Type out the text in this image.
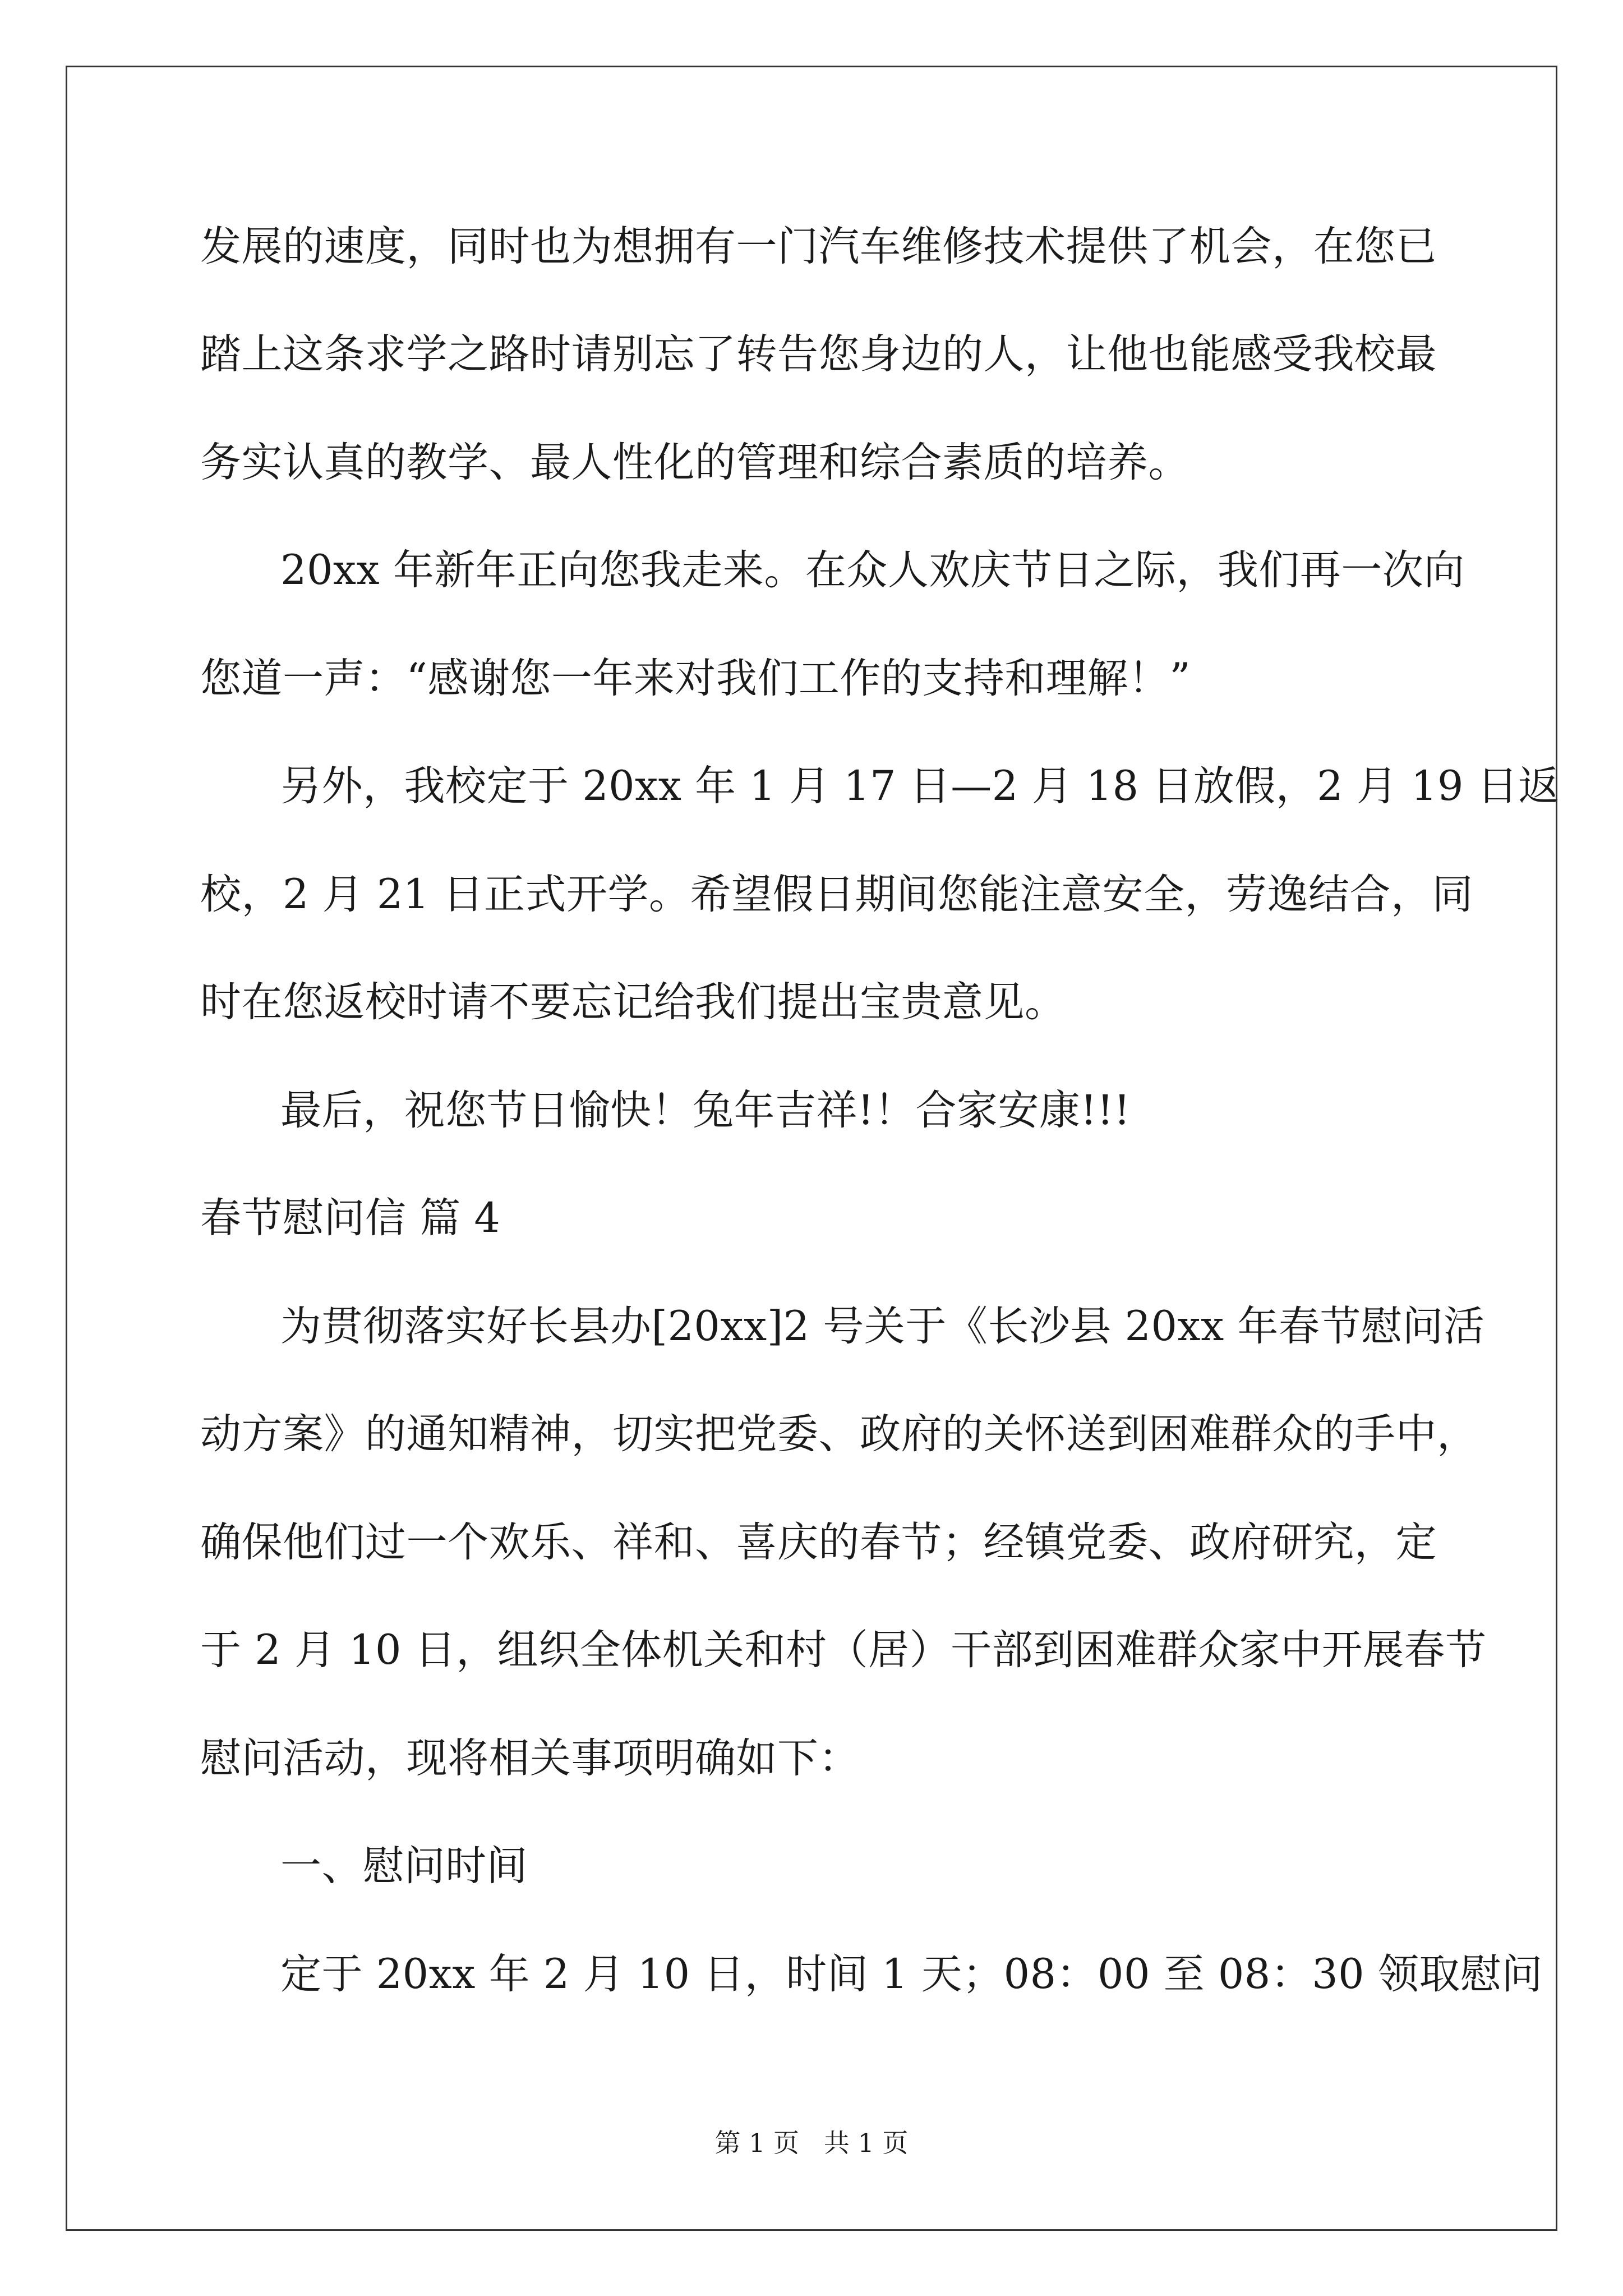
发展的速度，同时也为想拥有一门汽车维修技术提供了机会，在您已
踏上这条求学之路时请别忘了转告您身边的人，让他也能感受我校最
务实认真的教学、最人性化的管理和综合素质的培养。
20xx 年新年正向您我走来。在众人欢庆节日之际，我们再一次向
您道一声：“感谢您一年来对我们工作的支持和理解！”
另外，我校定于 20xx 年 1 月 17 日—2 月 18 日放假，2 月 19 日返
校，2 月 21 日正式开学。希望假日期间您能注意安全，劳逸结合，同
时在您返校时请不要忘记给我们提出宝贵意见。
最后，祝您节日愉快！兔年吉祥!！合家安康!!!
春节慰问信 篇 4
为贯彻落实好长县办[20xx]2 号关于《长沙县 20xx 年春节慰问活
动方案》的通知精神，切实把党委、政府的关怀送到困难群众的手中，
确保他们过一个欢乐、祥和、喜庆的春节；经镇党委、政府研究，定
于 2 月 10 日，组织全体机关和村（居）干部到困难群众家中开展春节
慰问活动，现将相关事项明确如下：
一、慰问时间
定于 20xx 年 2 月 10 日，时间 1 天；08：00 至 08：30 领取慰问
第 1 页   共 1 页
